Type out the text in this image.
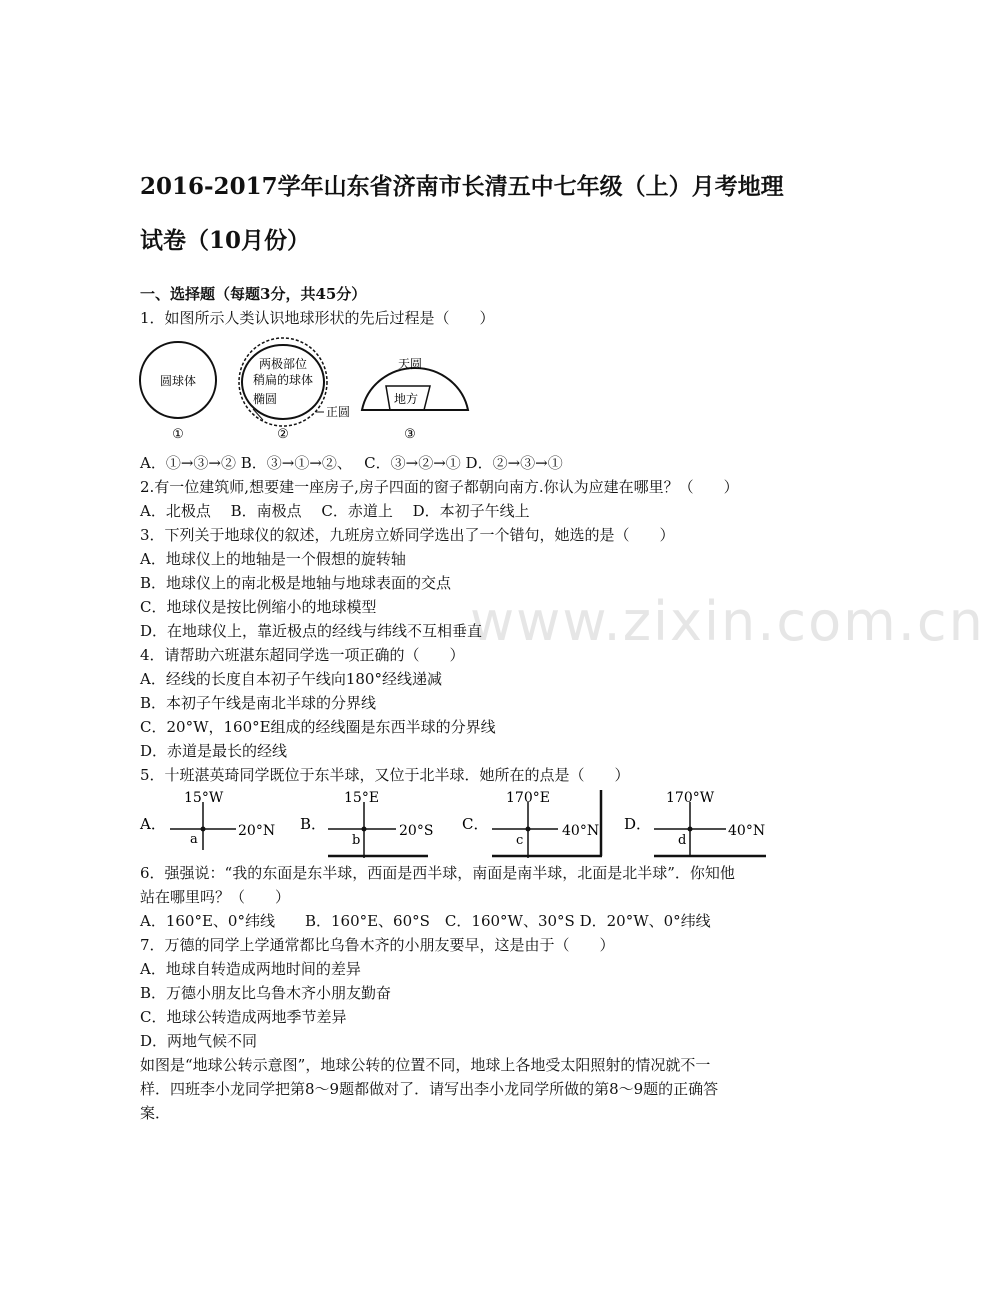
www.zixin.com.cn
2016-2017学年山东省济南市长清五中七年级（上）月考地理试卷（10月份）
一、选择题（每题3分，共45分）
1．如图所示人类认识地球形状的先后过程是（　　）
圆球体
①
两极部位
稍扁的球体
椭圆
正圆
②
天圆
地方
③
A．①→③→② B．③→①→②、　 C．③→②→① D．②→③→①
2.有一位建筑师,想要建一座房子,房子四面的窗子都朝向南方.你认为应建在哪里？（　　）
A．北极点　 B．南极点　 C．赤道上　 D．本初子午线上
3．下列关于地球仪的叙述，九班房立娇同学选出了一个错句，她选的是（　　）
A．地球仪上的地轴是一个假想的旋转轴
B．地球仪上的南北极是地轴与地球表面的交点
C．地球仪是按比例缩小的地球模型
D．在地球仪上，靠近极点的经线与纬线不互相垂直
4．请帮助六班湛东超同学选一项正确的（　　）
A．经线的长度自本初子午线向180°经线递减
B．本初子午线是南北半球的分界线
C．20°W，160°E组成的经线圈是东西半球的分界线
D．赤道是最长的经线
5．十班湛英琦同学既位于东半球，又位于北半球．她所在的点是（　　）
A．
15°W
20°N
a
B．
15°E
20°S
b
C．
170°E
40°N
c
D．
170°W
40°N
d
6．强强说：“我的东面是东半球，西面是西半球，南面是南半球，北面是北半球”．你知他
站在哪里吗？（　　）
A．160°E、0°纬线　　B．160°E、60°S　C．160°W、30°S D．20°W、0°纬线
7．万德的同学上学通常都比乌鲁木齐的小朋友要早，这是由于（　　）
A．地球自转造成两地时间的差异
B．万德小朋友比乌鲁木齐小朋友勤奋
C．地球公转造成两地季节差异
D．两地气候不同
如图是“地球公转示意图”，地球公转的位置不同，地球上各地受太阳照射的情况就不一
样．四班李小龙同学把第8～9题都做对了．请写出李小龙同学所做的第8～9题的正确答
案．
